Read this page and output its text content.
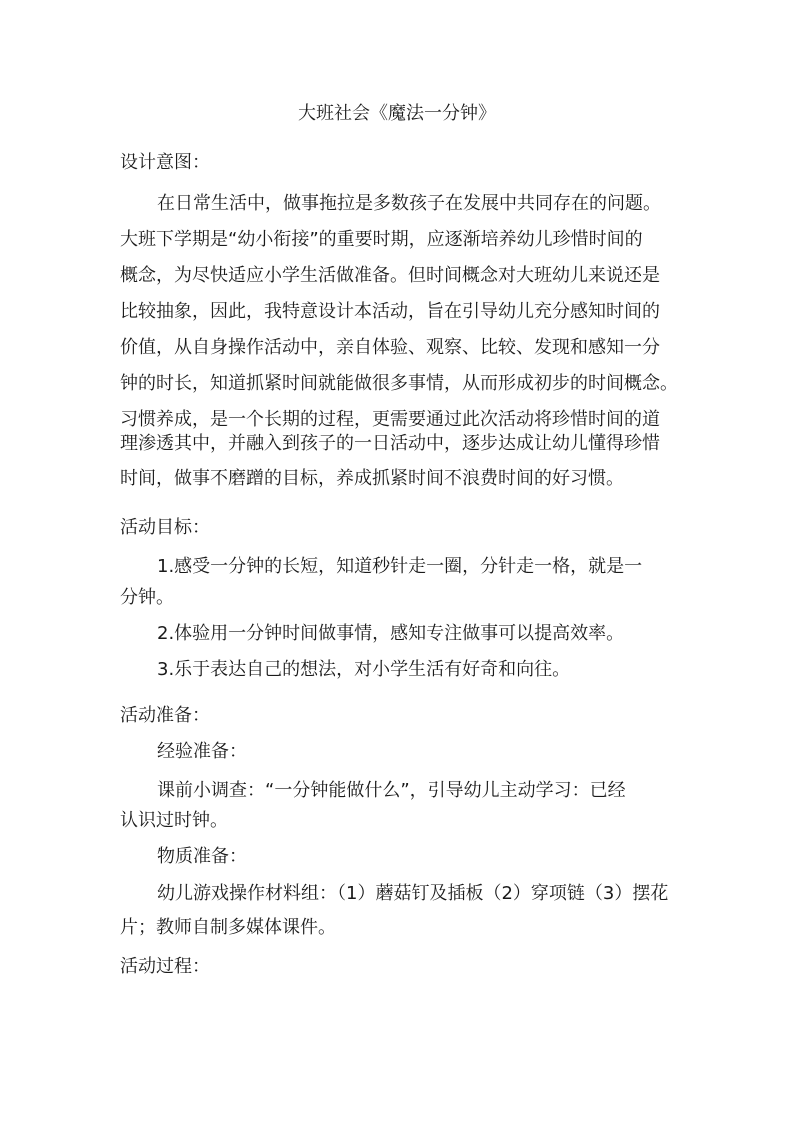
大班社会《魔法一分钟》
设计意图：
在日常生活中，做事拖拉是多数孩子在发展中共同存在的问题。
大班下学期是“幼小衔接”的重要时期，应逐渐培养幼儿珍惜时间的
概念，为尽快适应小学生活做准备。但时间概念对大班幼儿来说还是
比较抽象，因此，我特意设计本活动，旨在引导幼儿充分感知时间的
价值，从自身操作活动中，亲自体验、观察、比较、发现和感知一分
钟的时长，知道抓紧时间就能做很多事情，从而形成初步的时间概念。
习惯养成，是一个长期的过程，更需要通过此次活动将珍惜时间的道
理渗透其中，并融入到孩子的一日活动中，逐步达成让幼儿懂得珍惜
时间，做事不磨蹭的目标，养成抓紧时间不浪费时间的好习惯。
活动目标：
1.感受一分钟的长短，知道秒针走一圈，分针走一格，就是一
分钟。
2.体验用一分钟时间做事情，感知专注做事可以提高效率。
3.乐于表达自己的想法，对小学生活有好奇和向往。
活动准备：
经验准备：
课前小调查：“一分钟能做什么”，引导幼儿主动学习：已经
认识过时钟。
物质准备：
幼儿游戏操作材料组：（1）蘑菇钉及插板（2）穿项链（3）摆花
片；教师自制多媒体课件。
活动过程：
